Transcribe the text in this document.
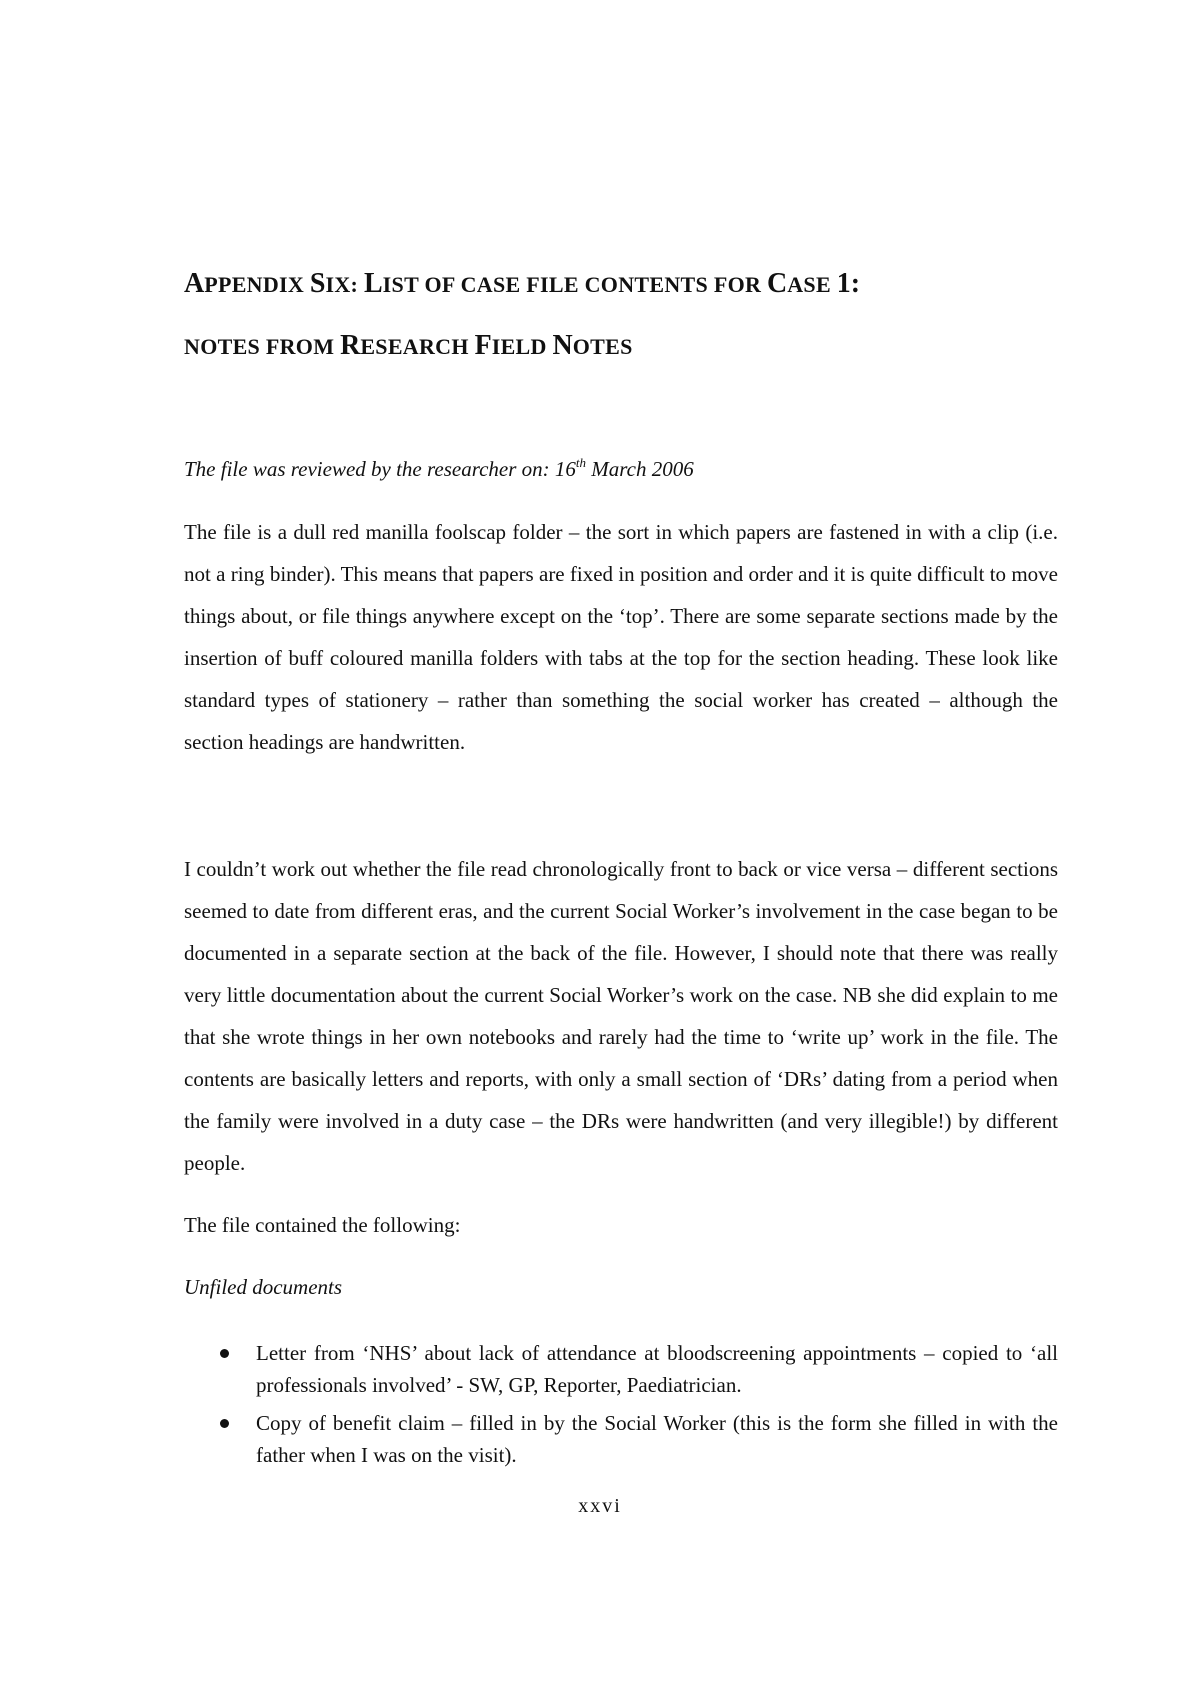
APPENDIX SIX: LIST OF CASE FILE CONTENTS FOR CASE 1:
NOTES FROM RESEARCH FIELD NOTES
The file was reviewed by the researcher on: 16th March 2006

The file is a dull red manilla foolscap folder – the sort in which papers are fastened in with a clip (i.e. not a ring binder). This means that papers are fixed in position and order and it is quite difficult to move things about, or file things anywhere except on the ‘top’. There are some separate sections made by the insertion of buff coloured manilla folders with tabs at the top for the section heading. These look like standard types of stationery – rather than something the social worker has created – although the section headings are handwritten.

I couldn’t work out whether the file read chronologically front to back or vice versa – different sections seemed to date from different eras, and the current Social Worker’s involvement in the case began to be documented in a separate section at the back of the file. However, I should note that there was really very little documentation about the current Social Worker’s work on the case. NB she did explain to me that she wrote things in her own notebooks and rarely had the time to ‘write up’ work in the file. The contents are basically letters and reports, with only a small section of ‘DRs’ dating from a period when the family were involved in a duty case – the DRs were handwritten (and very illegible!) by different people.

The file contained the following:

Unfiled documents
Letter from ‘NHS’ about lack of attendance at bloodscreening appointments – copied to ‘all professionals involved’ - SW, GP, Reporter, Paediatrician.
Copy of benefit claim – filled in by the Social Worker (this is the form she filled in with the father when I was on the visit).
xxvi
